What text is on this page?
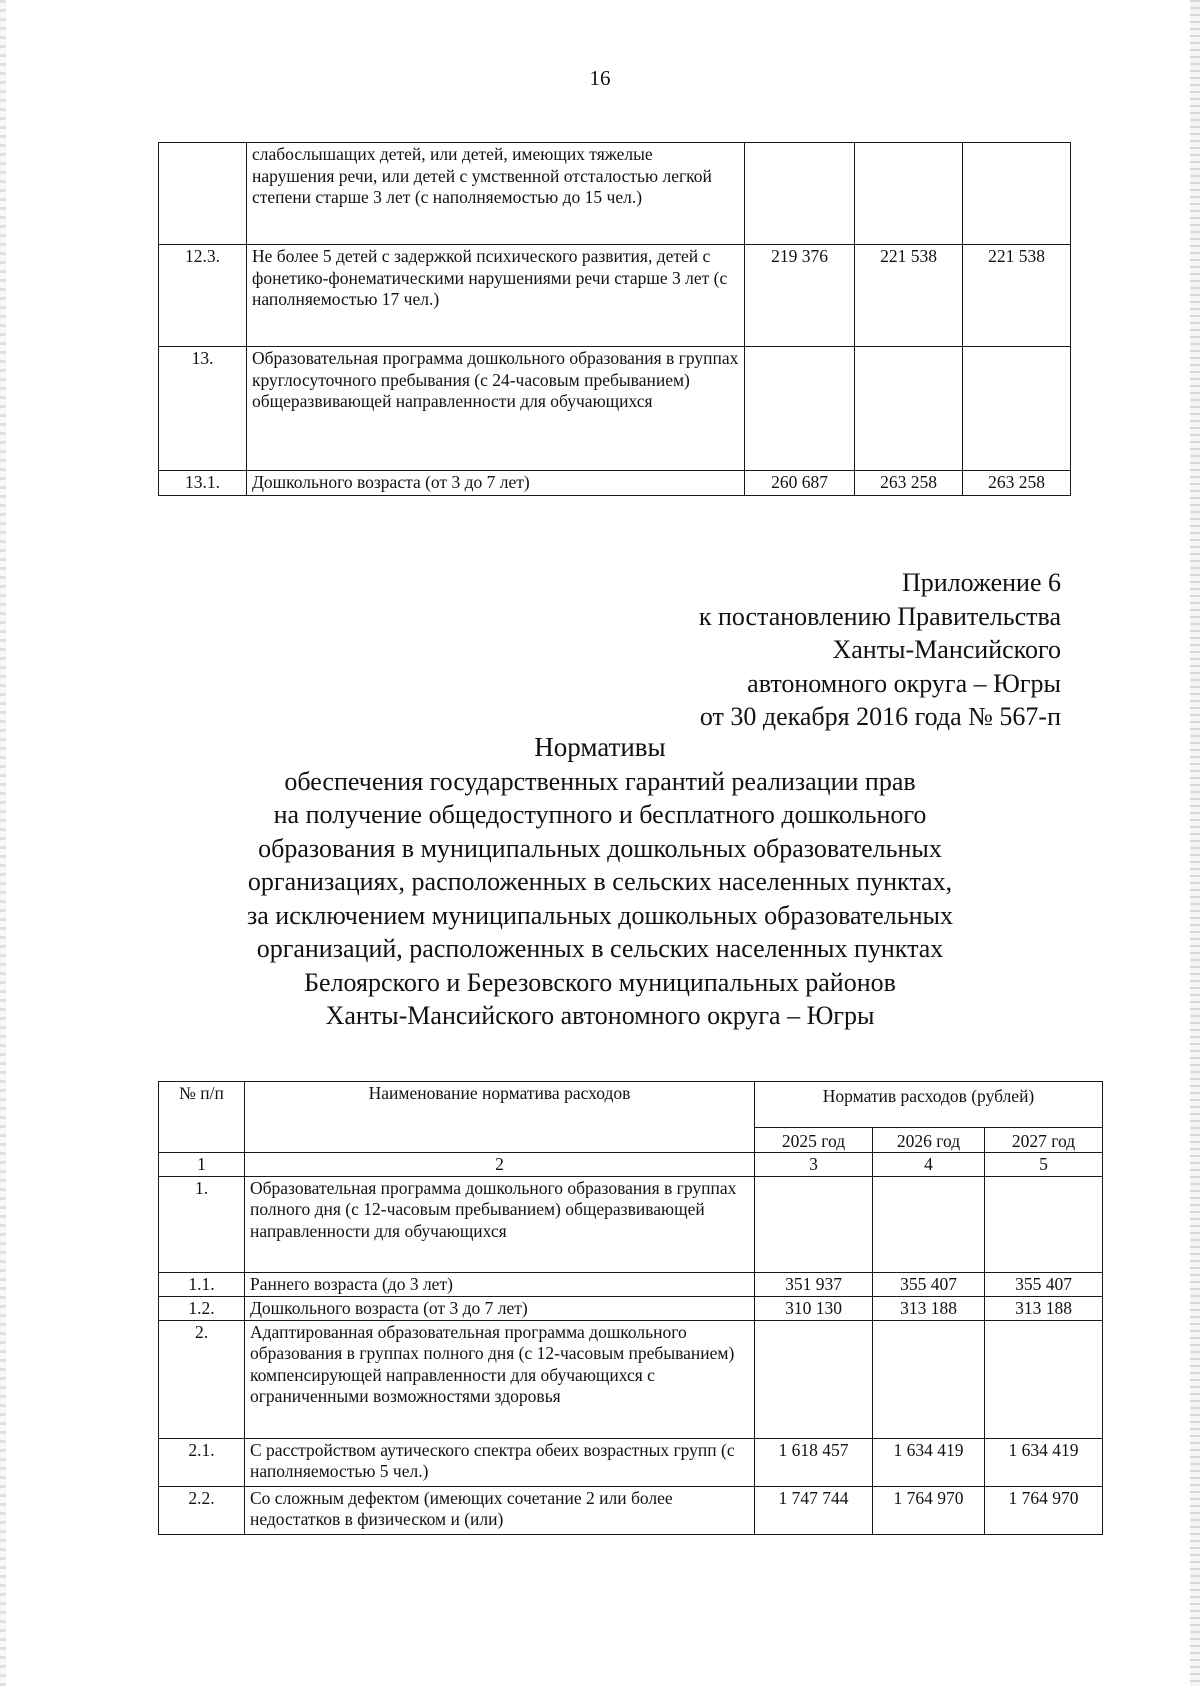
16
	слабослышащих детей, или детей, имеющих тяжелые нарушения речи, или детей с умственной отсталостью легкой степени старше 3 лет (с наполняемостью до 15 чел.)			
12.3.	Не более 5 детей с задержкой психического развития, детей с фонетико-фонематическими нарушениями речи старше 3 лет (с наполняемостью 17 чел.)	219 376	221 538	221 538
13.	Образовательная программа дошкольного образования в группах круглосуточного пребывания (с 24-часовым пребыванием) общеразвивающей направленности для обучающихся			
13.1.	Дошкольного возраста (от 3 до 7 лет)	260 687	263 258	263 258
Приложение 6
к постановлению Правительства
Ханты-Мансийского
автономного округа – Югры
от 30 декабря 2016 года № 567-п
Нормативы
обеспечения государственных гарантий реализации прав
на получение общедоступного и бесплатного дошкольного
образования в муниципальных дошкольных образовательных
организациях, расположенных в сельских населенных пунктах,
за исключением муниципальных дошкольных образовательных
организаций, расположенных в сельских населенных пунктах
Белоярского и Березовского муниципальных районов
Ханты-Мансийского автономного округа – Югры
№ п/п	Наименование норматива расходов	Норматив расходов (рублей)		
		2025 год	2026 год	2027 год
1	2	3	4	5
1.	Образовательная программа дошкольного образования в группах полного дня (с 12-часовым пребыванием) общеразвивающей направленности для обучающихся			
1.1.	Раннего возраста (до 3 лет)	351 937	355 407	355 407
1.2.	Дошкольного возраста (от 3 до 7 лет)	310 130	313 188	313 188
2.	Адаптированная образовательная программа дошкольного образования в группах полного дня (с 12-часовым пребыванием) компенсирующей направленности для обучающихся с ограниченными возможностями здоровья			
2.1.	С расстройством аутического спектра обеих возрастных групп (с наполняемостью 5 чел.)	1 618 457	1 634 419	1 634 419
2.2.	Со сложным дефектом (имеющих сочетание 2 или более недостатков в физическом и (или)	1 747 744	1 764 970	1 764 970
